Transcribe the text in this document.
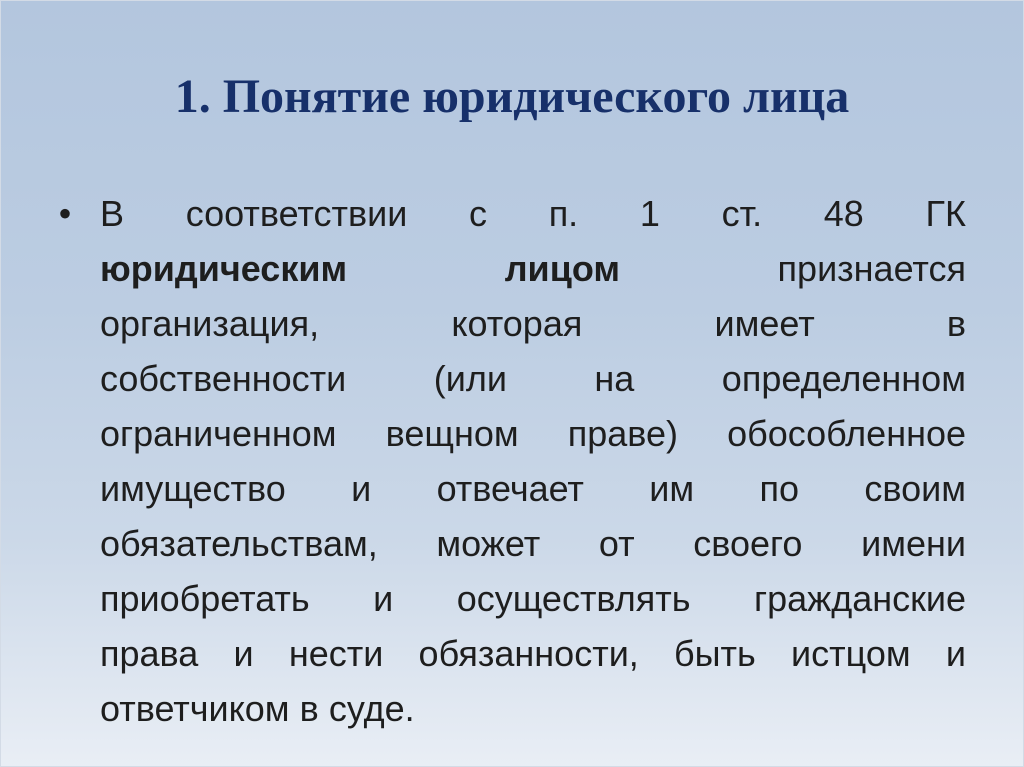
1. Понятие юридического лица
• В соответствии с п. 1 ст. 48 ГК
юридическим	лицом	признается
организация,	которая	имеет	в
собственности (или на определенном
ограниченном вещном праве) обособленное
имущество и отвечает им по своим
обязательствам, может от своего имени
приобретать и осуществлять гражданские
права и нести обязанности, быть истцом и
ответчиком в суде.
